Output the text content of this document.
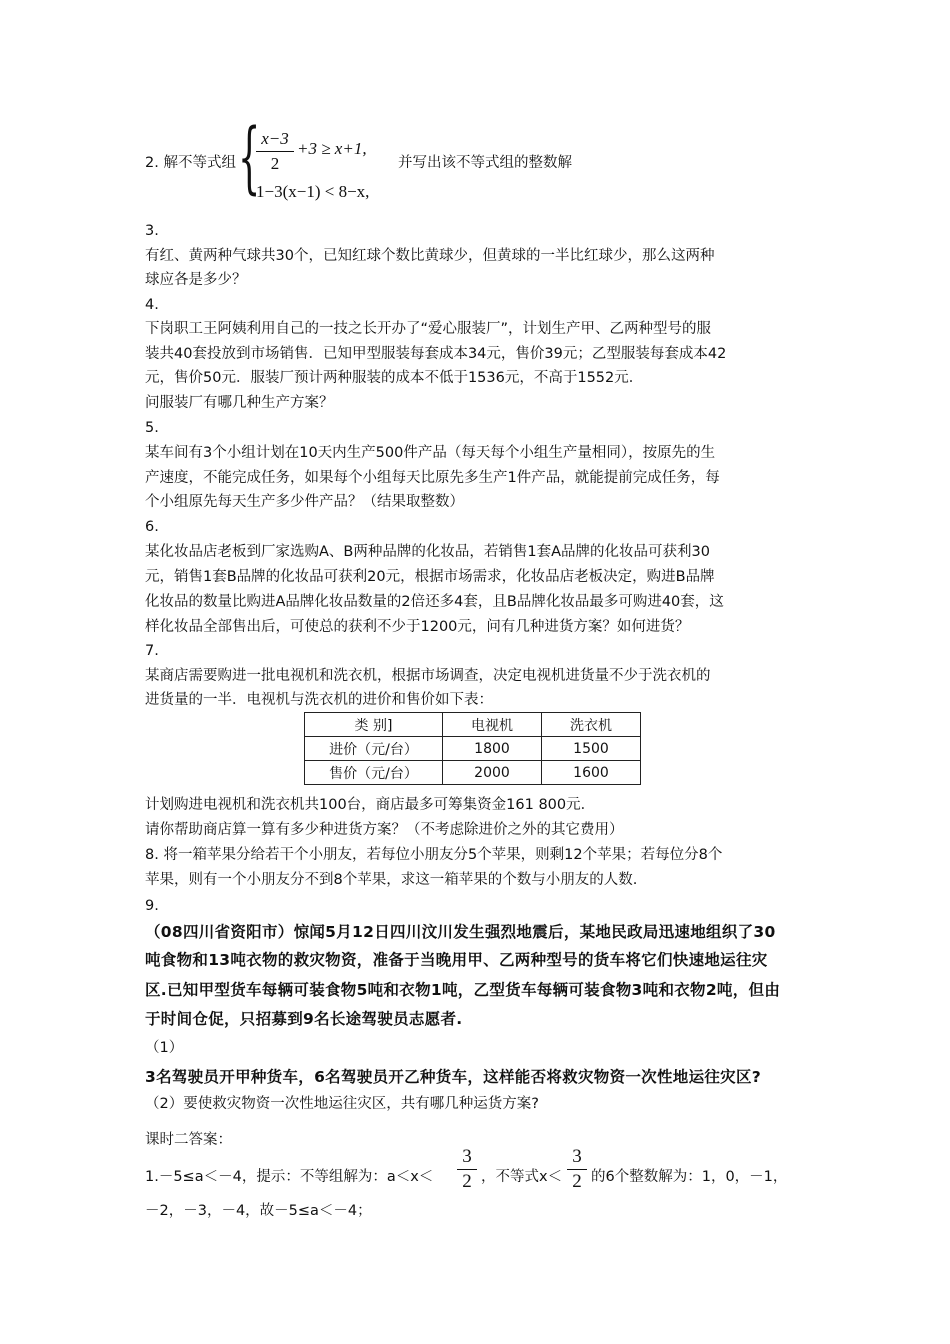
2. 解不等式组 { x−3
2
+3 ≥ x+1,
1−3(x−1) < 8−x,
并写出该不等式组的整数解
3.
有红、黄两种气球共30个，已知红球个数比黄球少，但黄球的一半比红球少，那么这两种
球应各是多少？
4.
下岗职工王阿姨利用自己的一技之长开办了“爱心服装厂”，计划生产甲、乙两种型号的服
装共40套投放到市场销售．已知甲型服装每套成本34元，售价39元；乙型服装每套成本42
元，售价50元．服装厂预计两种服装的成本不低于1536元，不高于1552元．
问服装厂有哪几种生产方案？
5.
某车间有3个小组计划在10天内生产500件产品（每天每个小组生产量相同），按原先的生
产速度，不能完成任务，如果每个小组每天比原先多生产1件产品，就能提前完成任务，每
个小组原先每天生产多少件产品？（结果取整数）
6.
某化妆品店老板到厂家选购A、B两种品牌的化妆品，若销售1套A品牌的化妆品可获利30
元，销售1套B品牌的化妆品可获利20元，根据市场需求，化妆品店老板决定，购进B品牌
化妆品的数量比购进A品牌化妆品数量的2倍还多4套，且B品牌化妆品最多可购进40套，这
样化妆品全部售出后，可使总的获利不少于1200元，问有几种进货方案？如何进货？
7.
某商店需要购进一批电视机和洗衣机，根据市场调查，决定电视机进货量不少于洗衣机的
进货量的一半．电视机与洗衣机的进价和售价如下表：
类 别]	电视机	洗衣机
进价（元/台）	1800	1500
售价（元/台）	2000	1600
计划购进电视机和洗衣机共100台，商店最多可筹集资金161 800元．
请你帮助商店算一算有多少种进货方案？（不考虑除进价之外的其它费用）
8. 将一箱苹果分给若干个小朋友，若每位小朋友分5个苹果，则剩12个苹果；若每位分8个
苹果，则有一个小朋友分不到8个苹果，求这一箱苹果的个数与小朋友的人数.
9.
（08四川省资阳市）惊闻5月12日四川汶川发生强烈地震后，某地民政局迅速地组织了30
吨食物和13吨衣物的救灾物资，准备于当晚用甲、乙两种型号的货车将它们快速地运往灾
区.已知甲型货车每辆可装食物5吨和衣物1吨，乙型货车每辆可装食物3吨和衣物2吨，但由
于时间仓促，只招募到9名长途驾驶员志愿者.
（1）
3名驾驶员开甲种货车，6名驾驶员开乙种货车，这样能否将救灾物资一次性地运往灾区?
（2）要使救灾物资一次性地运往灾区，共有哪几种运货方案?
课时二答案：
1.－5≤a＜－4，提示：不等组解为：a＜x＜
3
2 ，不等式x＜
3
2 的6个整数解为：1，0，－1，
－2，－3，－4，故－5≤a＜－4；
